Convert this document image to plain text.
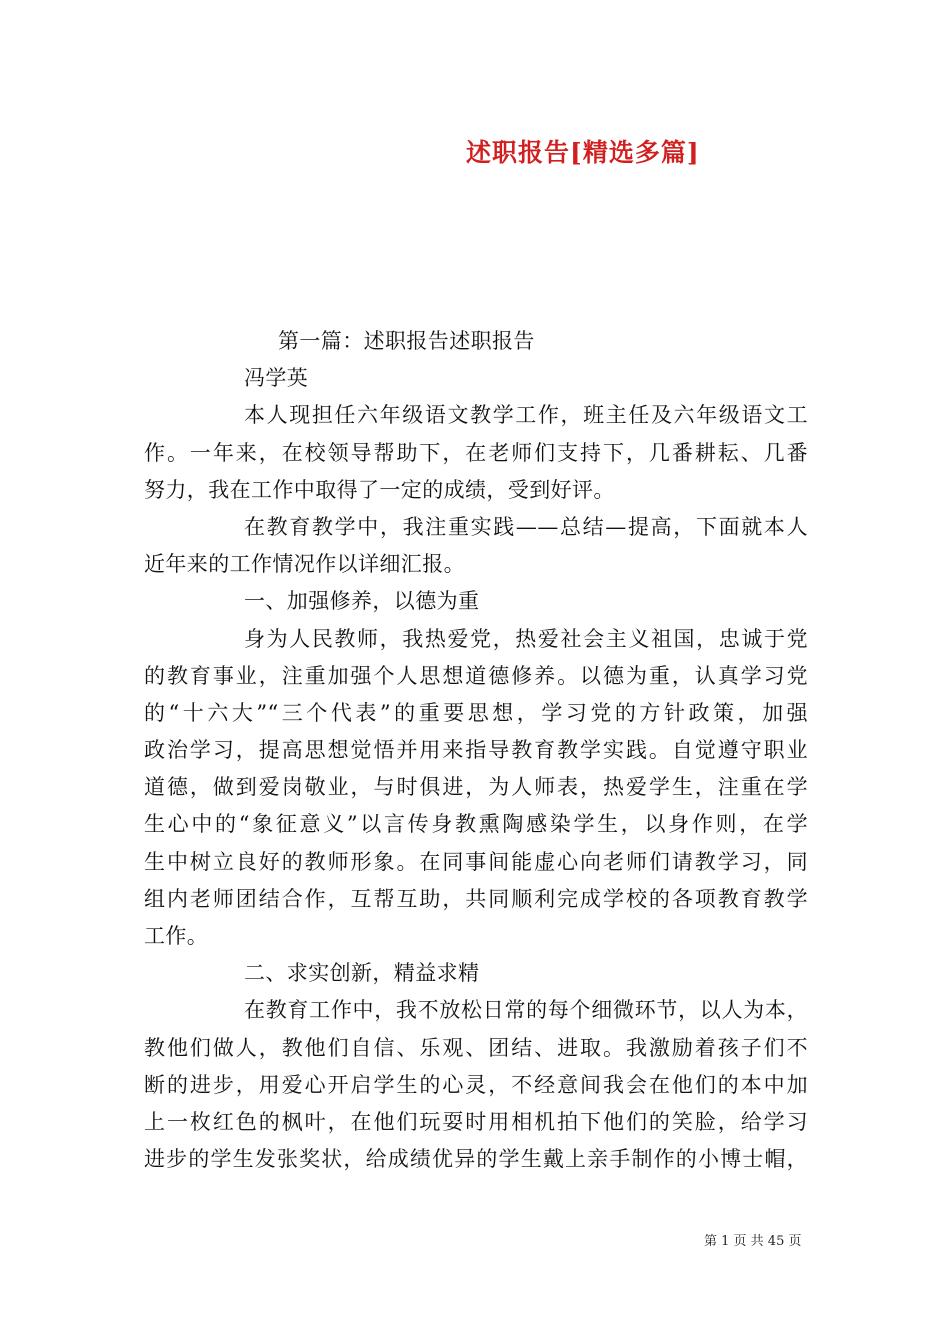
述职报告[精选多篇]
第一篇：述职报告述职报告
冯学英
本人现担任六年级语文教学工作，班主任及六年级语文工
作。一年来，在校领导帮助下，在老师们支持下，几番耕耘、几番
努力，我在工作中取得了一定的成绩，受到好评。
在教育教学中，我注重实践——总结—提高，下面就本人
近年来的工作情况作以详细汇报。
一、加强修养，以德为重
身为人民教师，我热爱党，热爱社会主义祖国，忠诚于党
的教育事业，注重加强个人思想道德修养。以德为重，认真学习党
的“十六大”“三个代表”的重要思想，学习党的方针政策，加强
政治学习，提高思想觉悟并用来指导教育教学实践。自觉遵守职业
道德，做到爱岗敬业，与时俱进，为人师表，热爱学生，注重在学
生心中的“象征意义”以言传身教熏陶感染学生，以身作则，在学
生中树立良好的教师形象。在同事间能虚心向老师们请教学习，同
组内老师团结合作，互帮互助，共同顺利完成学校的各项教育教学
工作。
二、求实创新，精益求精
在教育工作中，我不放松日常的每个细微环节，以人为本，
教他们做人，教他们自信、乐观、团结、进取。我激励着孩子们不
断的进步，用爱心开启学生的心灵，不经意间我会在他们的本中加
上一枚红色的枫叶，在他们玩耍时用相机拍下他们的笑脸，给学习
进步的学生发张奖状，给成绩优异的学生戴上亲手制作的小博士帽，
第 1 页 共 45 页
